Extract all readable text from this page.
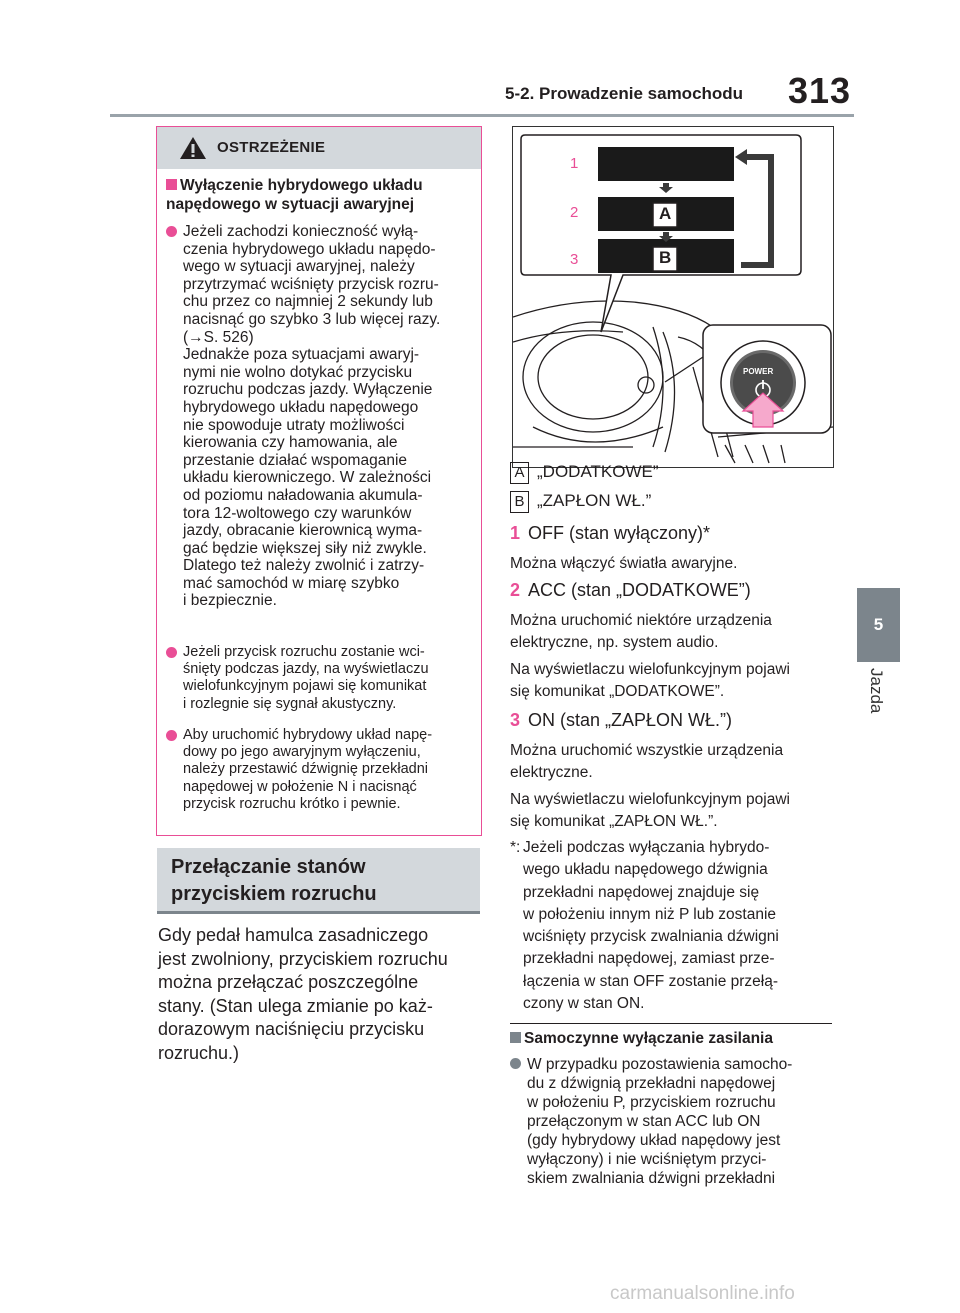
5-2. Prowadzenie samochodu 313
5
Jazda
OSTRZEŻENIE
Wyłączenie hybrydowego układu
napędowego w sytuacji awaryjnej
Jeżeli zachodzi konieczność wyłą-
czenia hybrydowego układu napędo-
wego w sytuacji awaryjnej, należy
przytrzymać wciśnięty przycisk rozru-
chu przez co najmniej 2 sekundy lub
nacisnąć go szybko 3 lub więcej razy.
(→S. 526)
Jednakże poza sytuacjami awaryj-
nymi nie wolno dotykać przycisku
rozruchu podczas jazdy. Wyłączenie
hybrydowego układu napędowego
nie spowoduje utraty możliwości
kierowania czy hamowania, ale
przestanie działać wspomaganie
układu kierowniczego. W zależności
od poziomu naładowania akumula-
tora 12-woltowego czy warunków
jazdy, obracanie kierownicą wyma-
gać będzie większej siły niż zwykle.
Dlatego też należy zwolnić i zatrzy-
mać samochód w miarę szybko
i bezpiecznie.
Jeżeli przycisk rozruchu zostanie wci-
śnięty podczas jazdy, na wyświetlaczu
wielofunkcyjnym pojawi się komunikat
i rozlegnie się sygnał akustyczny.
Aby uruchomić hybrydowy układ napę-
dowy po jego awaryjnym wyłączeniu,
należy przestawić dźwignię przekładni
napędowej w położenie N i nacisnąć
przycisk rozruchu krótko i pewnie.
Przełączanie stanów
przyciskiem rozruchu
Gdy pedał hamulca zasadniczego
jest zwolniony, przyciskiem rozruchu
można przełączać poszczególne
stany. (Stan ulega zmianie po każ-
dorazowym naciśnięciu przycisku
rozruchu.)
1
2
3
A
B
POWER
A „DODATKOWE”
B „ZAPŁON WŁ.”
1 OFF (stan wyłączony)*
Można włączyć światła awaryjne.
2 ACC (stan „DODATKOWE”)
Można uruchomić niektóre urządzenia
elektryczne, np. system audio.
Na wyświetlaczu wielofunkcyjnym pojawi
się komunikat „DODATKOWE”.
3 ON (stan „ZAPŁON WŁ.”)
Można uruchomić wszystkie urządzenia
elektryczne.
Na wyświetlaczu wielofunkcyjnym pojawi
się komunikat „ZAPŁON WŁ.”.
*: Jeżeli podczas wyłączania hybrydo-
wego układu napędowego dźwignia
przekładni napędowej znajduje się
w położeniu innym niż P lub zostanie
wciśnięty przycisk zwalniania dźwigni
przekładni napędowej, zamiast prze-
łączenia w stan OFF zostanie przełą-
czony w stan ON.
Samoczynne wyłączanie zasilania
W przypadku pozostawienia samocho-
du z dźwignią przekładni napędowej
w położeniu P, przyciskiem rozruchu
przełączonym w stan ACC lub ON
(gdy hybrydowy układ napędowy jest
wyłączony) i nie wciśniętym przyci-
skiem zwalniania dźwigni przekładni
carmanualsonline.info
